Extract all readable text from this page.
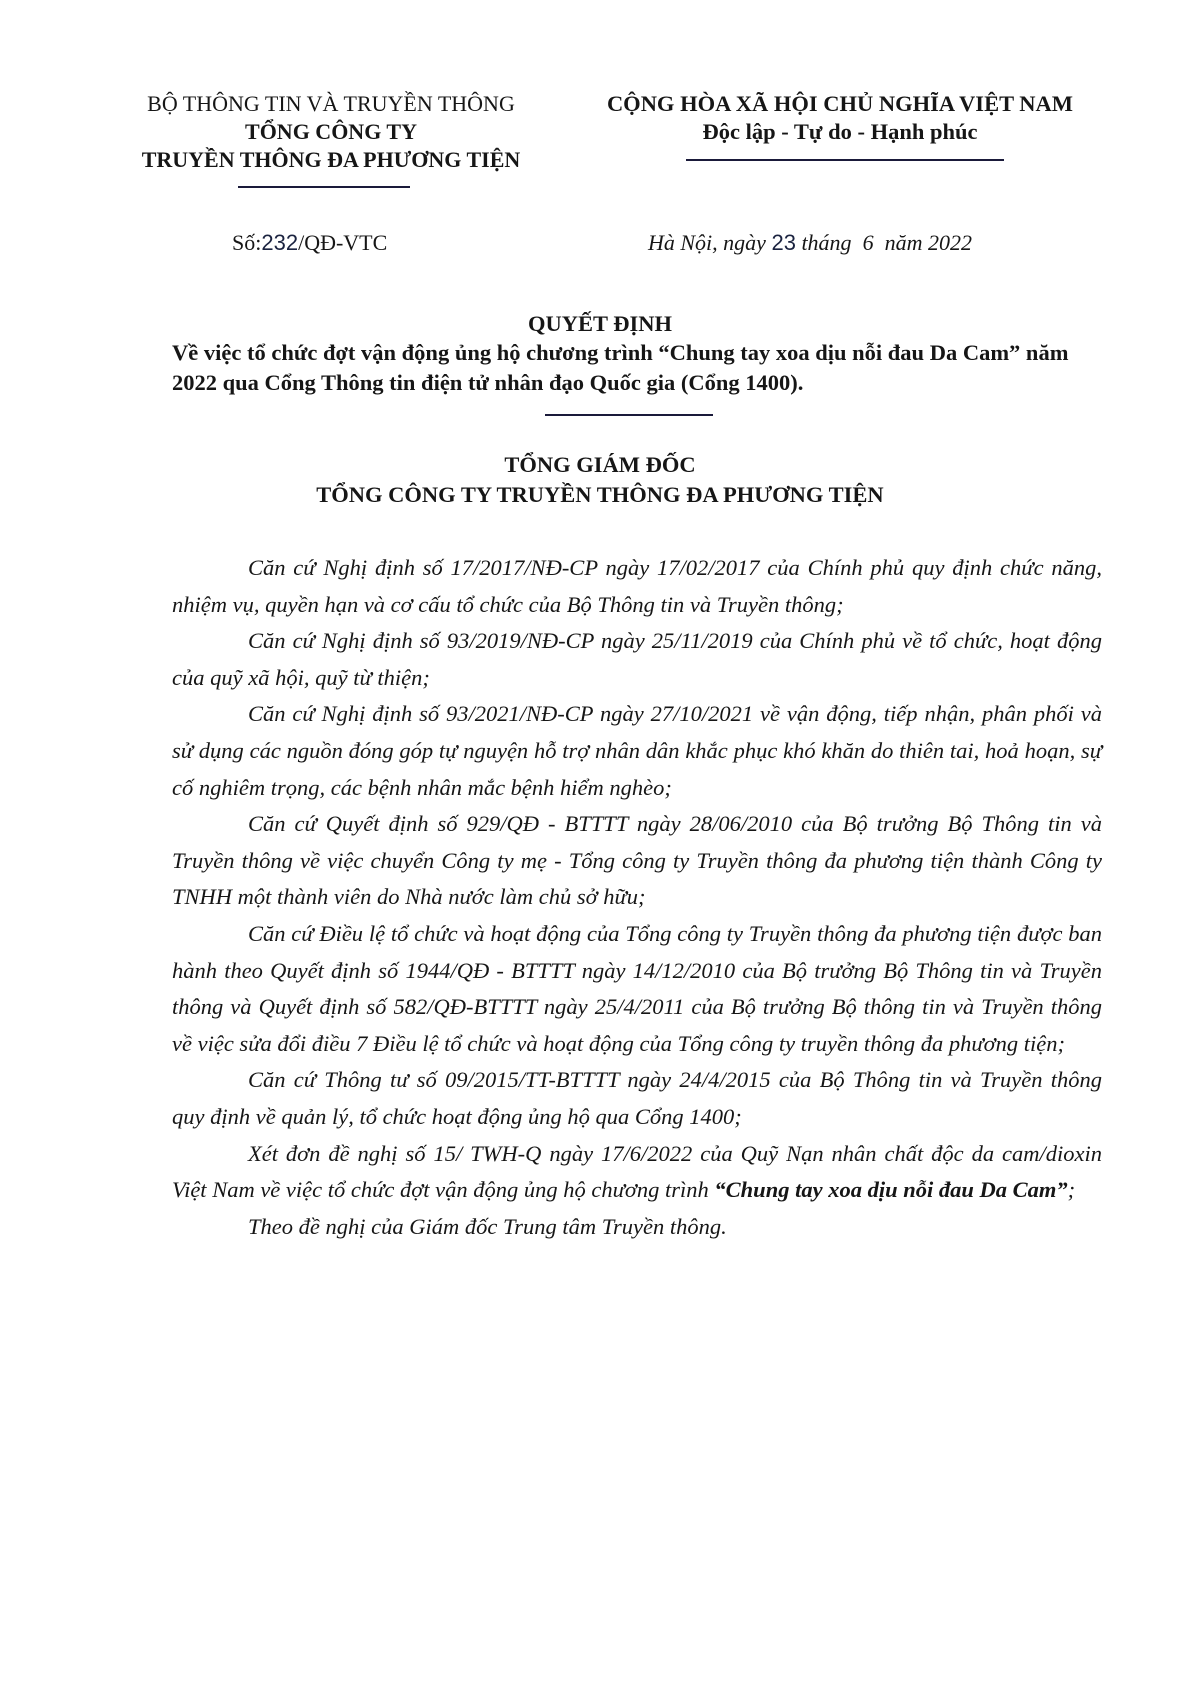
BỘ THÔNG TIN VÀ TRUYỀN THÔNG
TỔNG CÔNG TY
TRUYỀN THÔNG ĐA PHƯƠNG TIỆN
CỘNG HÒA XÃ HỘI CHỦ NGHĨA VIỆT NAM
Độc lập - Tự do - Hạnh phúc
Số:232/QĐ-VTC	Hà Nội, ngày 23 tháng 6 năm 2022
QUYẾT ĐỊNH
Về việc tổ chức đợt vận động ủng hộ chương trình “Chung tay xoa dịu nỗi đau Da Cam” năm 2022 qua Cổng Thông tin điện tử nhân đạo Quốc gia (Cổng 1400).
TỔNG GIÁM ĐỐC
TỔNG CÔNG TY TRUYỀN THÔNG ĐA PHƯƠNG TIỆN

Căn cứ Nghị định số 17/2017/NĐ-CP ngày 17/02/2017 của Chính phủ quy định chức năng, nhiệm vụ, quyền hạn và cơ cấu tổ chức của Bộ Thông tin và Truyền thông;

Căn cứ Nghị định số 93/2019/NĐ-CP ngày 25/11/2019 của Chính phủ về tổ chức, hoạt động của quỹ xã hội, quỹ từ thiện;

Căn cứ Nghị định số 93/2021/NĐ-CP ngày 27/10/2021 về vận động, tiếp nhận, phân phối và sử dụng các nguồn đóng góp tự nguyện hỗ trợ nhân dân khắc phục khó khăn do thiên tai, hoả hoạn, sự cố nghiêm trọng, các bệnh nhân mắc bệnh hiểm nghèo;

Căn cứ Quyết định số 929/QĐ - BTTTT ngày 28/06/2010 của Bộ trưởng Bộ Thông tin và Truyền thông về việc chuyển Công ty mẹ - Tổng công ty Truyền thông đa phương tiện thành Công ty TNHH một thành viên do Nhà nước làm chủ sở hữu;

Căn cứ Điều lệ tổ chức và hoạt động của Tổng công ty Truyền thông đa phương tiện được ban hành theo Quyết định số 1944/QĐ - BTTTT ngày 14/12/2010 của Bộ trưởng Bộ Thông tin và Truyền thông và Quyết định số 582/QĐ-BTTTT ngày 25/4/2011 của Bộ trưởng Bộ thông tin và Truyền thông về việc sửa đổi điều 7 Điều lệ tổ chức và hoạt động của Tổng công ty truyền thông đa phương tiện;

Căn cứ Thông tư số 09/2015/TT-BTTTT ngày 24/4/2015 của Bộ Thông tin và Truyền thông quy định về quản lý, tổ chức hoạt động ủng hộ qua Cổng 1400;

Xét đơn đề nghị số 15/ TWH-Q ngày 17/6/2022 của Quỹ Nạn nhân chất độc da cam/dioxin Việt Nam về việc tổ chức đợt vận động ủng hộ chương trình “Chung tay xoa dịu nỗi đau Da Cam”;

Theo đề nghị của Giám đốc Trung tâm Truyền thông.
